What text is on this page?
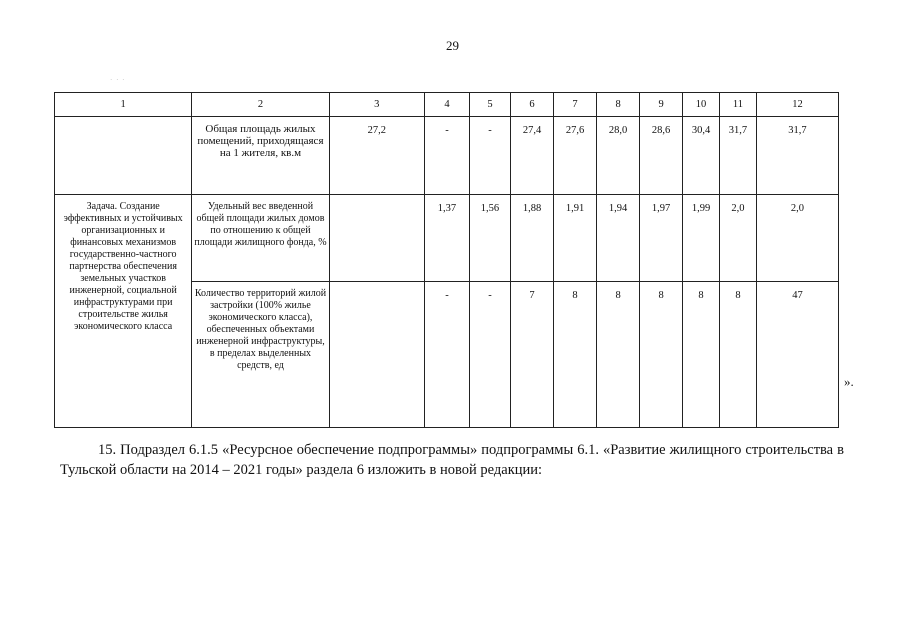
29
· · ·
1	2	3	4	5	6	7	8	9	10	11	12
	Общая площадь жилых помещений, приходящаяся на 1 жителя, кв.м	27,2	-	-	27,4	27,6	28,0	28,6	30,4	31,7	31,7
Задача. Создание эффективных и устойчивых организационных и финансовых механизмов государственно-частного партнерства обеспечения земельных участков инженерной, социальной инфраструктурами при строительстве жилья экономического класса	Удельный вес введенной общей площади жилых домов по отношению к общей площади жилищного фонда, %		1,37	1,56	1,88	1,91	1,94	1,97	1,99	2,0	2,0
	Количество территорий жилой застройки (100% жилье экономического класса), обеспеченных объектами инженерной инфраструктуры, в пределах выделенных средств, ед		-	-	7	8	8	8	8	8	47
».
15. Подраздел 6.1.5 «Ресурсное обеспечение подпрограммы» подпрограммы 6.1. «Развитие жилищного строительства в Тульской области на 2014 – 2021 годы» раздела 6 изложить в новой редакции:
